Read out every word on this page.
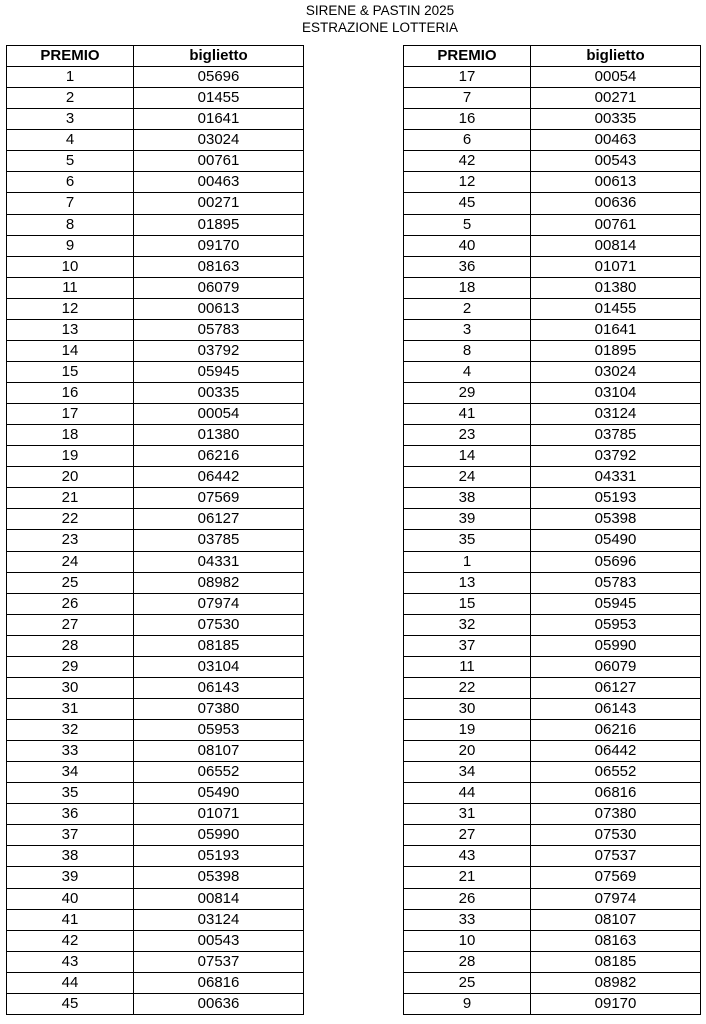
SIRENE & PASTIN 2025
ESTRAZIONE LOTTERIA
PREMIO	biglietto
1	05696
2	01455
3	01641
4	03024
5	00761
6	00463
7	00271
8	01895
9	09170
10	08163
11	06079
12	00613
13	05783
14	03792
15	05945
16	00335
17	00054
18	01380
19	06216
20	06442
21	07569
22	06127
23	03785
24	04331
25	08982
26	07974
27	07530
28	08185
29	03104
30	06143
31	07380
32	05953
33	08107
34	06552
35	05490
36	01071
37	05990
38	05193
39	05398
40	00814
41	03124
42	00543
43	07537
44	06816
45	00636
PREMIO	biglietto
17	00054
7	00271
16	00335
6	00463
42	00543
12	00613
45	00636
5	00761
40	00814
36	01071
18	01380
2	01455
3	01641
8	01895
4	03024
29	03104
41	03124
23	03785
14	03792
24	04331
38	05193
39	05398
35	05490
1	05696
13	05783
15	05945
32	05953
37	05990
11	06079
22	06127
30	06143
19	06216
20	06442
34	06552
44	06816
31	07380
27	07530
43	07537
21	07569
26	07974
33	08107
10	08163
28	08185
25	08982
9	09170
